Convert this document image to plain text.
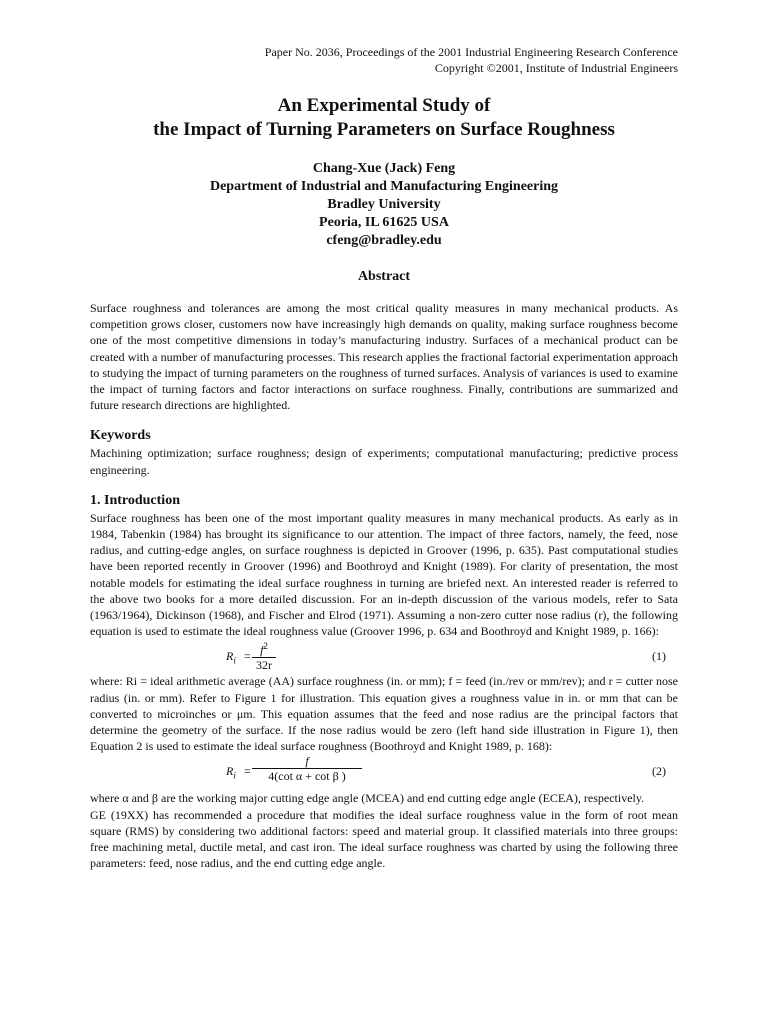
Paper No. 2036, Proceedings of the 2001 Industrial Engineering Research Conference
Copyright ©2001, Institute of Industrial Engineers
An Experimental Study of
the Impact of Turning Parameters on Surface Roughness
Chang-Xue (Jack) Feng
Department of Industrial and Manufacturing Engineering
Bradley University
Peoria, IL 61625 USA
cfeng@bradley.edu
Abstract

Surface roughness and tolerances are among the most critical quality measures in many mechanical products. As competition grows closer, customers now have increasingly high demands on quality, making surface roughness become one of the most competitive dimensions in today’s manufacturing industry. Surfaces of a mechanical product can be created with a number of manufacturing processes. This research applies the fractional factorial experimentation approach to studying the impact of turning parameters on the roughness of turned surfaces. Analysis of variances is used to examine the impact of turning factors and factor interactions on surface roughness. Finally, contributions are summarized and future research directions are highlighted.

Keywords

Machining optimization; surface roughness; design of experiments; computational manufacturing; predictive process engineering.

1. Introduction

Surface roughness has been one of the most important quality measures in many mechanical products. As early as in 1984, Tabenkin (1984) has brought its significance to our attention. The impact of three factors, namely, the feed, nose radius, and cutting-edge angles, on surface roughness is depicted in Groover (1996, p. 635). Past computational studies have been reported recently in Groover (1996) and Boothroyd and Knight (1989). For clarity of presentation, the most notable models for estimating the ideal surface roughness in turning are briefed next. An interested reader is referred to the above two books for a more detailed discussion. For an in-depth discussion of the various models, refer to Sata (1963/1964), Dickinson (1968), and Fischer and Elrod (1971). Assuming a non-zero cutter nose radius (r), the following equation is used to estimate the ideal roughness value (Groover 1996, p. 634 and Boothroyd and Knight 1989, p. 166):

$R_i = \frac{f^2}{32r}$	(1)

where: Ri = ideal arithmetic average (AA) surface roughness (in. or mm); f = feed (in./rev or mm/rev); and r = cutter nose radius (in. or mm). Refer to Figure 1 for illustration. This equation gives a roughness value in in. or mm that can be converted to microinches or μm. This equation assumes that the feed and nose radius are the principal factors that determine the geometry of the surface. If the nose radius would be zero (left hand side illustration in Figure 1), then Equation 2 is used to estimate the ideal surface roughness (Boothroyd and Knight 1989, p. 168):

$R_i = \frac{f}{\text{4(cot α + cot β )}}$	(2)

where α and β are the working major cutting edge angle (MCEA) and end cutting edge angle (ECEA), respectively.

GE (19XX) has recommended a procedure that modifies the ideal surface roughness value in the form of root mean square (RMS) by considering two additional factors: speed and material group. It classified materials into three groups: free machining metal, ductile metal, and cast iron. The ideal surface roughness was charted by using the following three parameters: feed, nose radius, and the end cutting edge angle.
